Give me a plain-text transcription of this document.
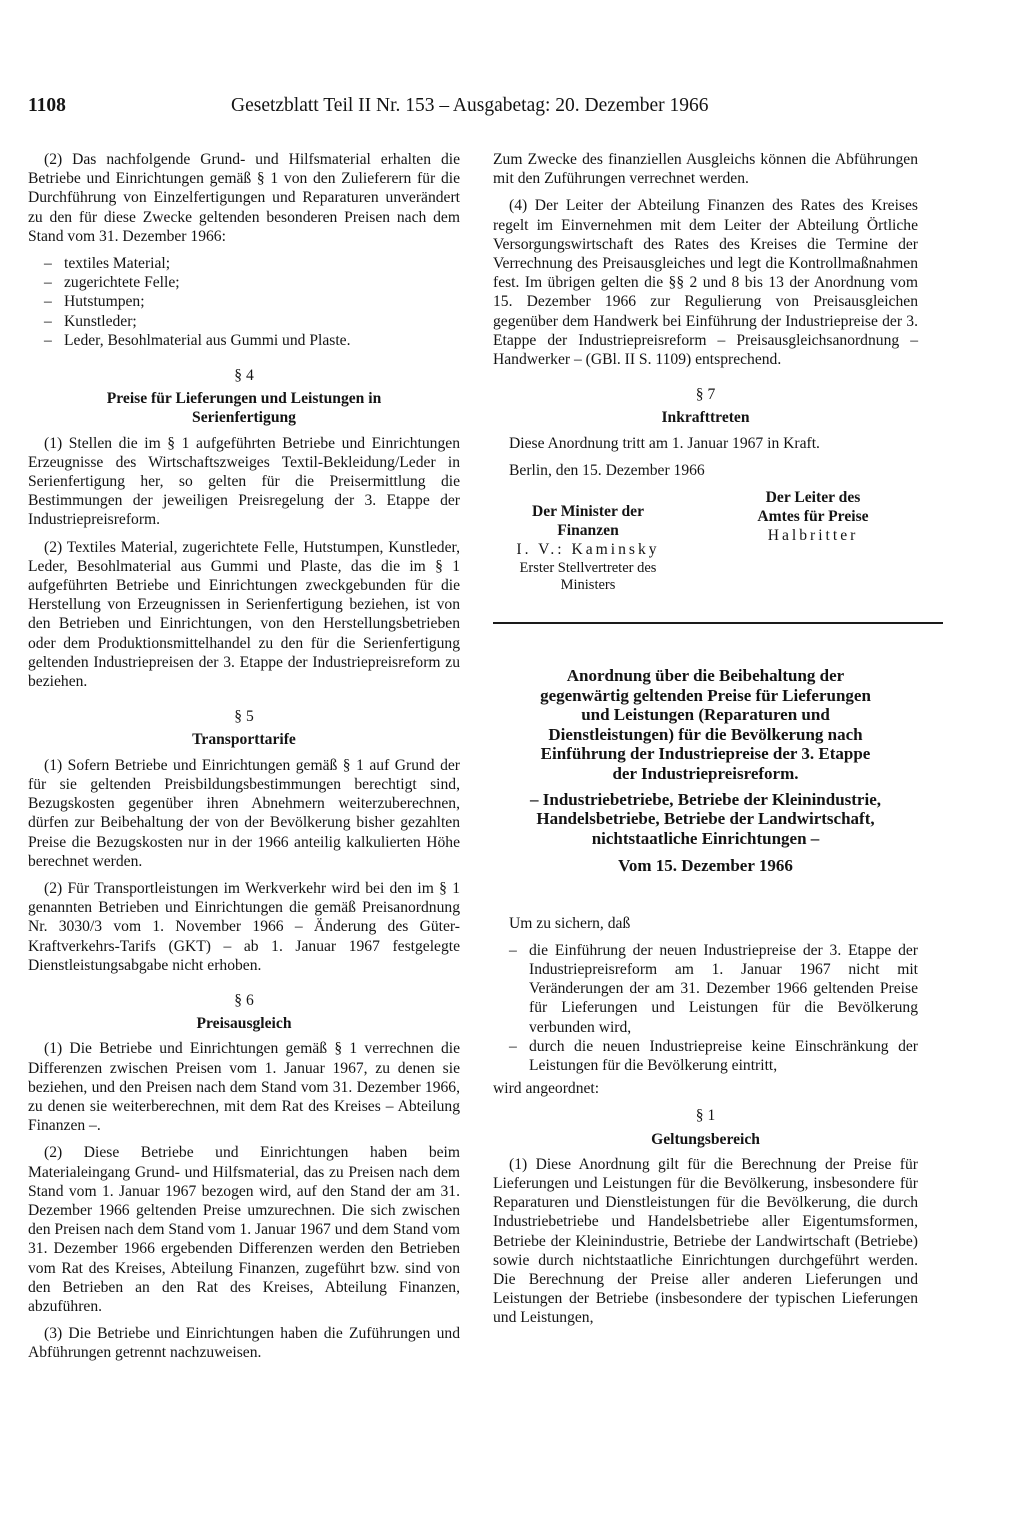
1108	Gesetzblatt Teil II Nr. 153 – Ausgabetag: 20. Dezember 1966

(2) Das nachfolgende Grund- und Hilfsmaterial erhalten die Betriebe und Einrichtungen gemäß § 1 von den Zulieferern für die Durchführung von Einzelfertigungen und Reparaturen unverändert zu den für diese Zwecke geltenden besonderen Preisen nach dem Stand vom 31. Dezember 1966:

– textiles Material;
– zugerichtete Felle;
– Hutstumpen;
– Kunstleder;
– Leder, Besohlmaterial aus Gummi und Plaste.
§ 4
Preise für Lieferungen und Leistungen in Serienfertigung

(1) Stellen die im § 1 aufgeführten Betriebe und Einrichtungen Erzeugnisse des Wirtschaftszweiges Textil-Bekleidung/Leder in Serienfertigung her, so gelten für die Preisermittlung die Bestimmungen der jeweiligen Preisregelung der 3. Etappe der Industriepreisreform.

(2) Textiles Material, zugerichtete Felle, Hutstumpen, Kunstleder, Leder, Besohlmaterial aus Gummi und Plaste, das die im § 1 aufgeführten Betriebe und Einrichtungen zweckgebunden für die Herstellung von Erzeugnissen in Serienfertigung beziehen, ist von den Betrieben und Einrichtungen, von den Herstellungsbetrieben oder dem Produktionsmittelhandel zu den für die Serienfertigung geltenden Industriepreisen der 3. Etappe der Industriepreisreform zu beziehen.

§ 5
Transporttarife

(1) Sofern Betriebe und Einrichtungen gemäß § 1 auf Grund der für sie geltenden Preisbildungsbestimmungen berechtigt sind, Bezugskosten gegenüber ihren Abnehmern weiterzuberechnen, dürfen zur Beibehaltung der von der Bevölkerung bisher gezahlten Preise die Bezugskosten nur in der 1966 anteilig kalkulierten Höhe berechnet werden.

(2) Für Transportleistungen im Werkverkehr wird bei den im § 1 genannten Betrieben und Einrichtungen die gemäß Preisanordnung Nr. 3030/3 vom 1. November 1966 – Änderung des Güter-Kraftverkehrs-Tarifs (GKT) – ab 1. Januar 1967 festgelegte Dienstleistungsabgabe nicht erhoben.

§ 6
Preisausgleich

(1) Die Betriebe und Einrichtungen gemäß § 1 verrechnen die Differenzen zwischen Preisen vom 1. Januar 1967, zu denen sie beziehen, und den Preisen nach dem Stand vom 31. Dezember 1966, zu denen sie weiterberechnen, mit dem Rat des Kreises – Abteilung Finanzen –.

(2) Diese Betriebe und Einrichtungen haben beim Materialeingang Grund- und Hilfsmaterial, das zu Preisen nach dem Stand vom 1. Januar 1967 bezogen wird, auf den Stand der am 31. Dezember 1966 geltenden Preise umzurechnen. Die sich zwischen den Preisen nach dem Stand vom 1. Januar 1967 und dem Stand vom 31. Dezember 1966 ergebenden Differenzen werden den Betrieben vom Rat des Kreises, Abteilung Finanzen, zugeführt bzw. sind von den Betrieben an den Rat des Kreises, Abteilung Finanzen, abzuführen.

(3) Die Betriebe und Einrichtungen haben die Zuführungen und Abführungen getrennt nachzuweisen.

Zum Zwecke des finanziellen Ausgleichs können die Abführungen mit den Zuführungen verrechnet werden.

(4) Der Leiter der Abteilung Finanzen des Rates des Kreises regelt im Einvernehmen mit dem Leiter der Abteilung Örtliche Versorgungswirtschaft des Rates des Kreises die Termine der Verrechnung des Preisausgleiches und legt die Kontrollmaßnahmen fest. Im übrigen gelten die §§ 2 und 8 bis 13 der Anordnung vom 15. Dezember 1966 zur Regulierung von Preisausgleichen gegenüber dem Handwerk bei Einführung der Industriepreise der 3. Etappe der Industriepreisreform – Preisausgleichsanordnung – Handwerker – (GBl. II S. 1109) entsprechend.

§ 7
Inkrafttreten

Diese Anordnung tritt am 1. Januar 1967 in Kraft.

Berlin, den 15. Dezember 1966

Der Minister der Finanzen
I. V.: Kaminsky
Erster Stellvertreter des Ministers
Der Leiter des Amtes für Preise
Halbritter
Anordnung über die Beibehaltung der gegenwärtig geltenden Preise für Lieferungen und Leistungen (Reparaturen und Dienstleistungen) für die Bevölkerung nach Einführung der Industriepreise der 3. Etappe der Industriepreisreform.
– Industriebetriebe, Betriebe der Kleinindustrie, Handelsbetriebe, Betriebe der Landwirtschaft, nichtstaatliche Einrichtungen –
Vom 15. Dezember 1966

Um zu sichern, daß

– die Einführung der neuen Industriepreise der 3. Etappe der Industriepreisreform am 1. Januar 1967 nicht mit Veränderungen der am 31. Dezember 1966 geltenden Preise für Lieferungen und Leistungen für die Bevölkerung verbunden wird,
– durch die neuen Industriepreise keine Einschränkung der Leistungen für die Bevölkerung eintritt,

wird angeordnet:

§ 1
Geltungsbereich

(1) Diese Anordnung gilt für die Berechnung der Preise für Lieferungen und Leistungen für die Bevölkerung, insbesondere für Reparaturen und Dienstleistungen für die Bevölkerung, die durch Industriebetriebe und Handelsbetriebe aller Eigentumsformen, Betriebe der Kleinindustrie, Betriebe der Landwirtschaft (Betriebe) sowie durch nichtstaatliche Einrichtungen durchgeführt werden. Die Berechnung der Preise aller anderen Lieferungen und Leistungen der Betriebe (insbesondere der typischen Lieferungen und Leistungen,
